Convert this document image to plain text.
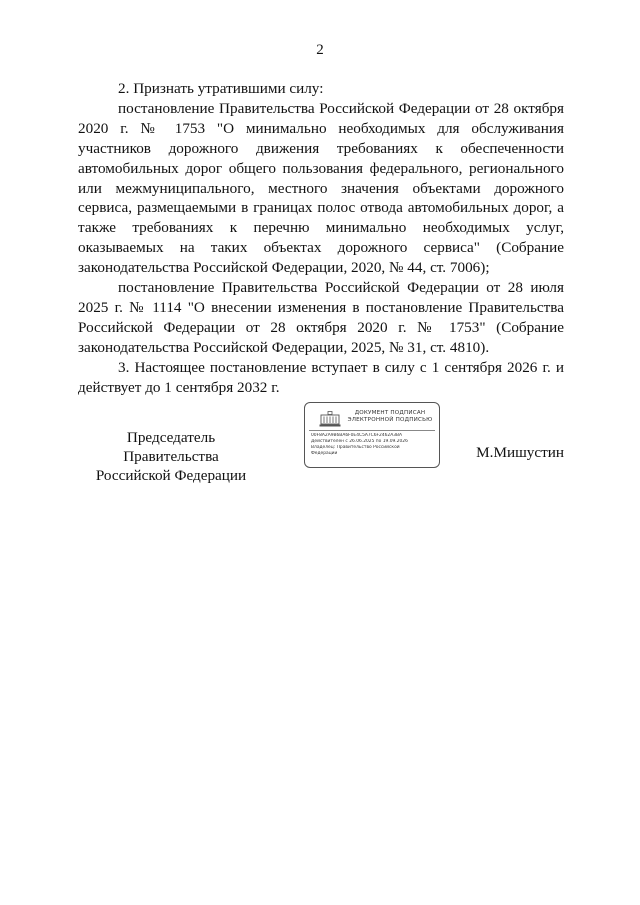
2

2. Признать утратившими силу:

постановление Правительства Российской Федерации от 28 октября 2020 г. № 1753 "О минимально необходимых для обслуживания участников дорожного движения требованиях к обеспеченности автомобильных дорог общего пользования федерального, регионального или межмуниципального, местного значения объектами дорожного сервиса, размещаемыми в границах полос отвода автомобильных дорог, а также требованиях к перечню минимально необходимых услуг, оказываемых на таких объектах дорожного сервиса" (Собрание законодательства Российской Федерации, 2020, № 44, ст. 7006);

постановление Правительства Российской Федерации от 28 июля 2025 г. № 1114 "О внесении изменения в постановление Правительства Российской Федерации от 28 октября 2020 г. № 1753" (Собрание законодательства Российской Федерации, 2025, № 31, ст. 4810).

3. Настоящее постановление вступает в силу с 1 сентября 2026 г. и действует до 1 сентября 2032 г.

Председатель Правительства
Российской Федерации
ДОКУМЕНТ ПОДПИСАН
ЭЛЕКТРОННОЙ ПОДПИСЬЮ
00F8A2A9B6BA6F0E4C5A7C6F2462A3BA
Действителен с 26.06.2025 по 19.09.2026
Владелец: Правительство Российской
Федерации	М.Мишустин
